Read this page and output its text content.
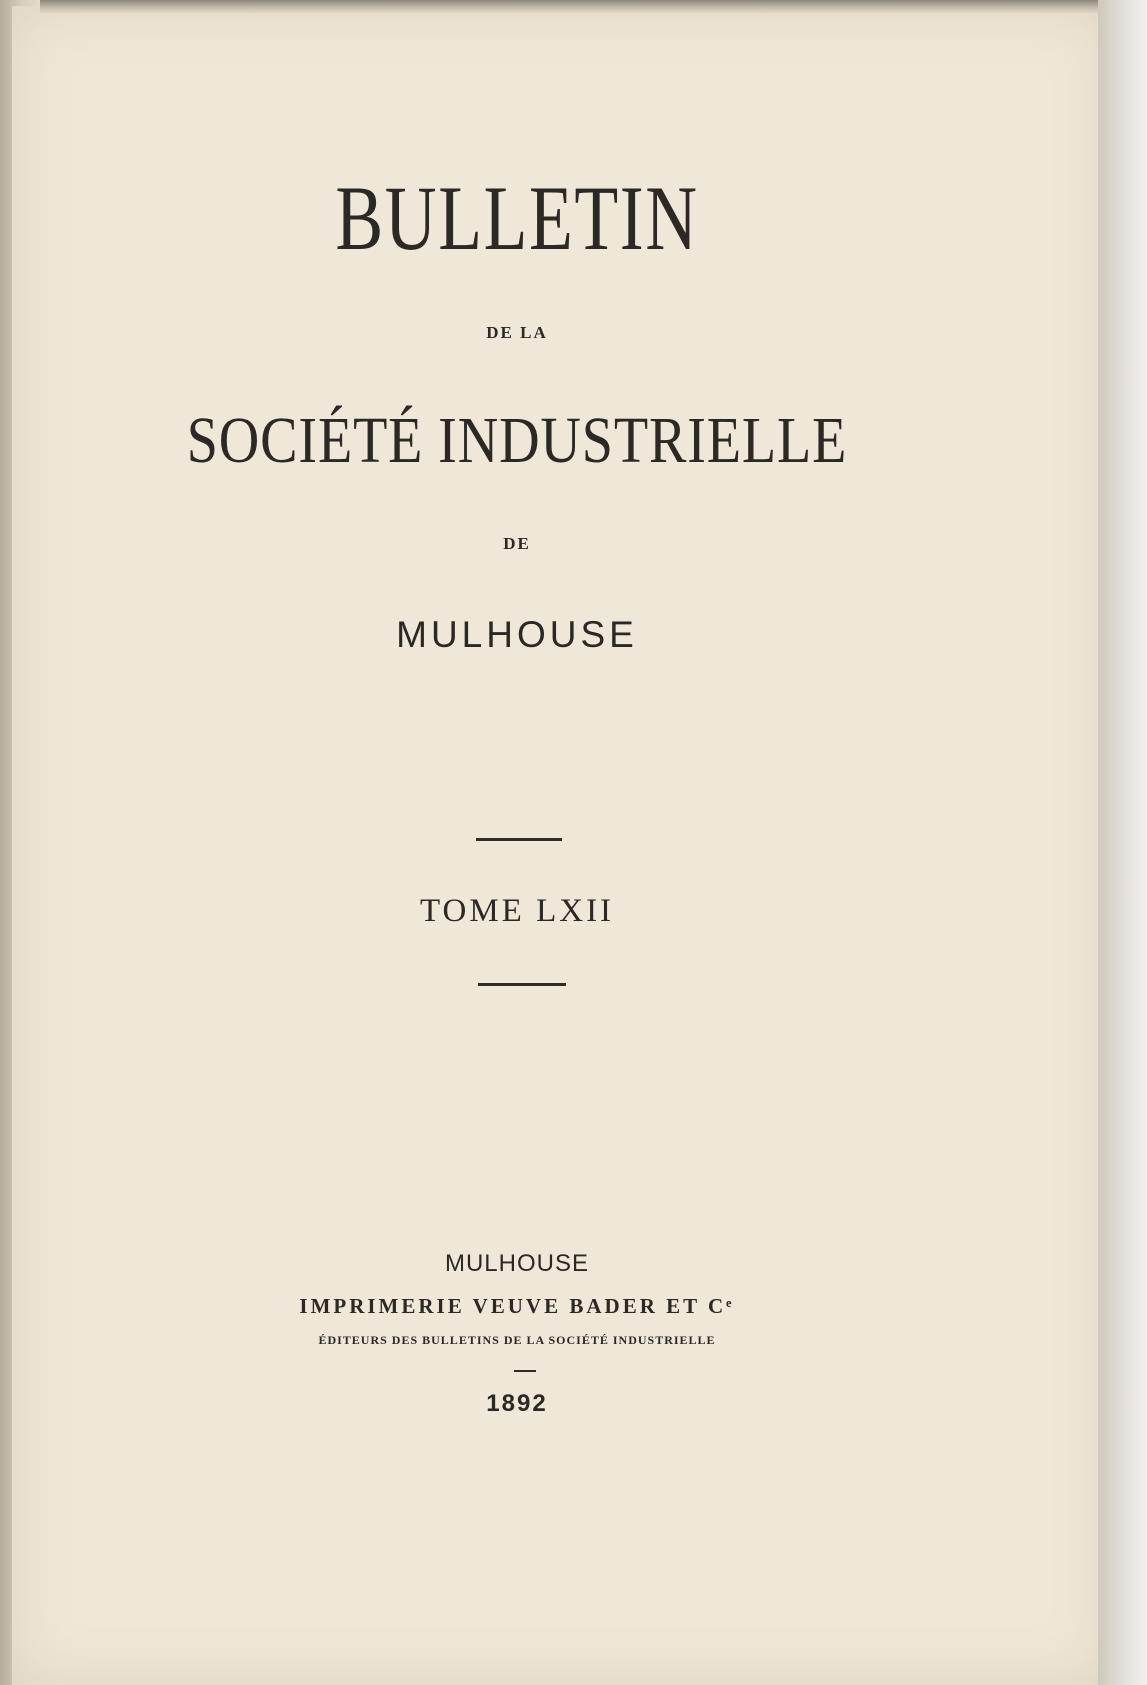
BULLETIN
DE LA
SOCIÉTÉ INDUSTRIELLE
DE
MULHOUSE
TOME LXII
MULHOUSE
IMPRIMERIE VEUVE BADER ET Cᵉ
ÉDITEURS DES BULLETINS DE LA SOCIÉTÉ INDUSTRIELLE
1892
